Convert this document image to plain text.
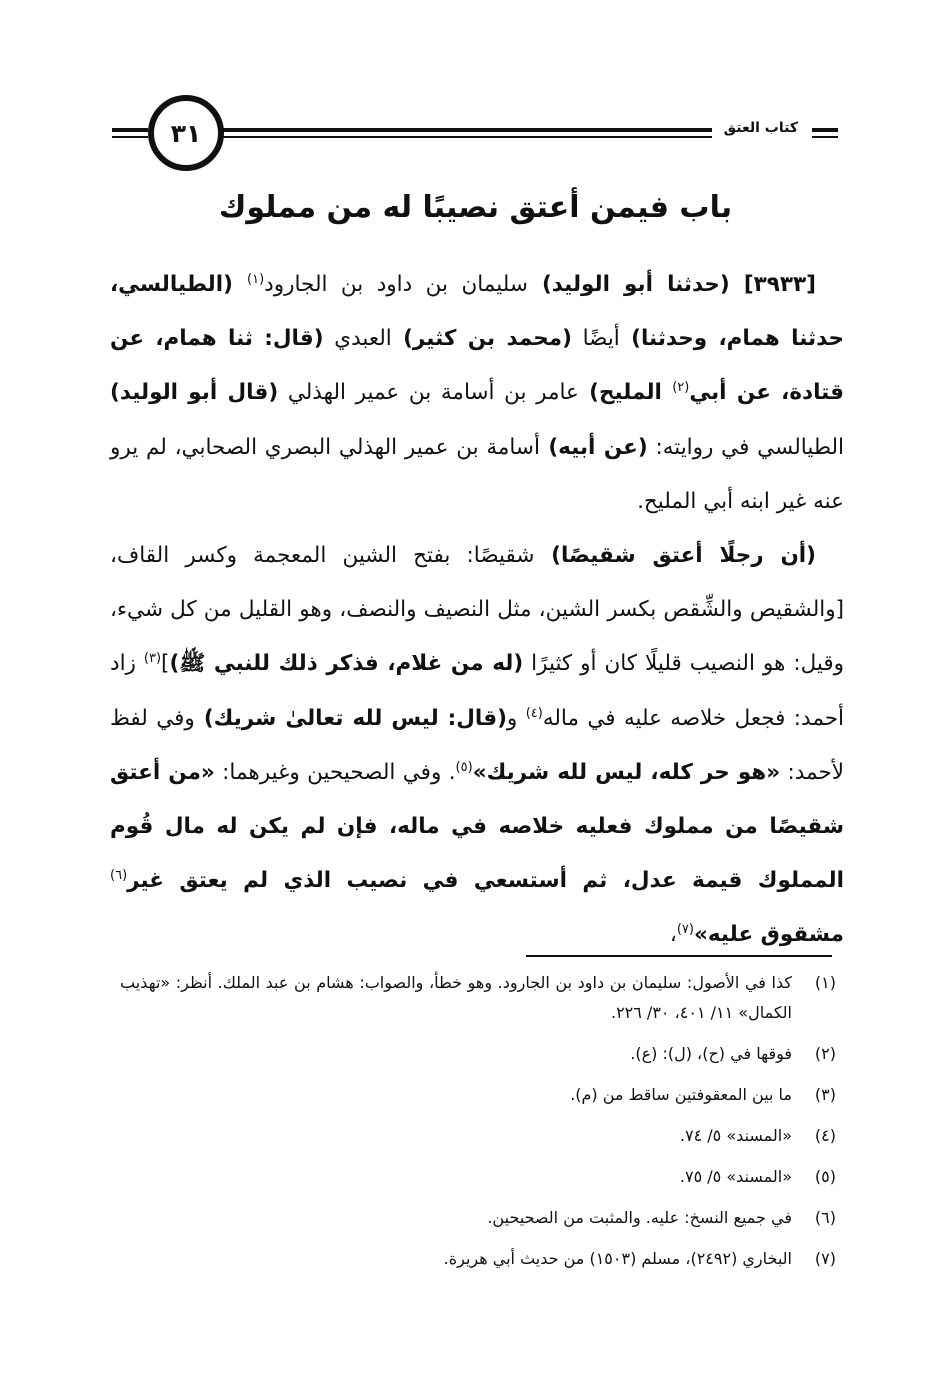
كتاب العتق
٣١
باب فيمن أعتق نصيبًا له من مملوك

[٣٩٣٣] (حدثنا أبو الوليد) سليمان بن داود بن الجارود$^{(١)}$ (الطيالسي، حدثنا همام، وحدثنا) أيضًا (محمد بن كثير) العبدي (قال: ثنا همام، عن قتادة، عن أبي$^{(٢)}$ المليح) عامر بن أسامة بن عمير الهذلي (قال أبو الوليد) الطيالسي في روايته: (عن أبيه) أسامة بن عمير الهذلي البصري الصحابي، لم يرو عنه غير ابنه أبي المليح.

(أن رجلًا أعتق شقيصًا) شقيصًا: بفتح الشين المعجمة وكسر القاف، [والشقيص والشِّقص بكسر الشين، مثل النصيف والنصف، وهو القليل من كل شيء، وقيل: هو النصيب قليلًا كان أو كثيرًا (له من غلام، فذكر ذلك للنبي ﷺ)]$^{(٣)}$ زاد أحمد: فجعل خلاصه عليه في ماله$^{(٤)}$ و(قال: ليس لله تعالىٰ شريك) وفي لفظ لأحمد: «هو حر كله، ليس لله شريك»$^{(٥)}$. وفي الصحيحين وغيرهما: «من أعتق شقيصًا من مملوك فعليه خلاصه في ماله، فإن لم يكن له مال قُوم المملوك قيمة عدل، ثم أستسعي في نصيب الذي لم يعتق غير$^{(٦)}$ مشقوق عليه»$^{(٧)}$،

(١)
كذا في الأصول: سليمان بن داود بن الجارود. وهو خطأ، والصواب: هشام بن عبد الملك. أنظر: «تهذيب الكمال» ١١/ ٤٠١، ٣٠/ ٢٢٦.
(٢)
فوقها في (ح)، (ل): (ع).
(٣)
ما بين المعقوفتين ساقط من (م).
(٤)
«المسند» ٥/ ٧٤.
(٥)
«المسند» ٥/ ٧٥.
(٦)
في جميع النسخ: عليه. والمثبت من الصحيحين.
(٧)
البخاري (٢٤٩٢)، مسلم (١٥٠٣) من حديث أبي هريرة.
